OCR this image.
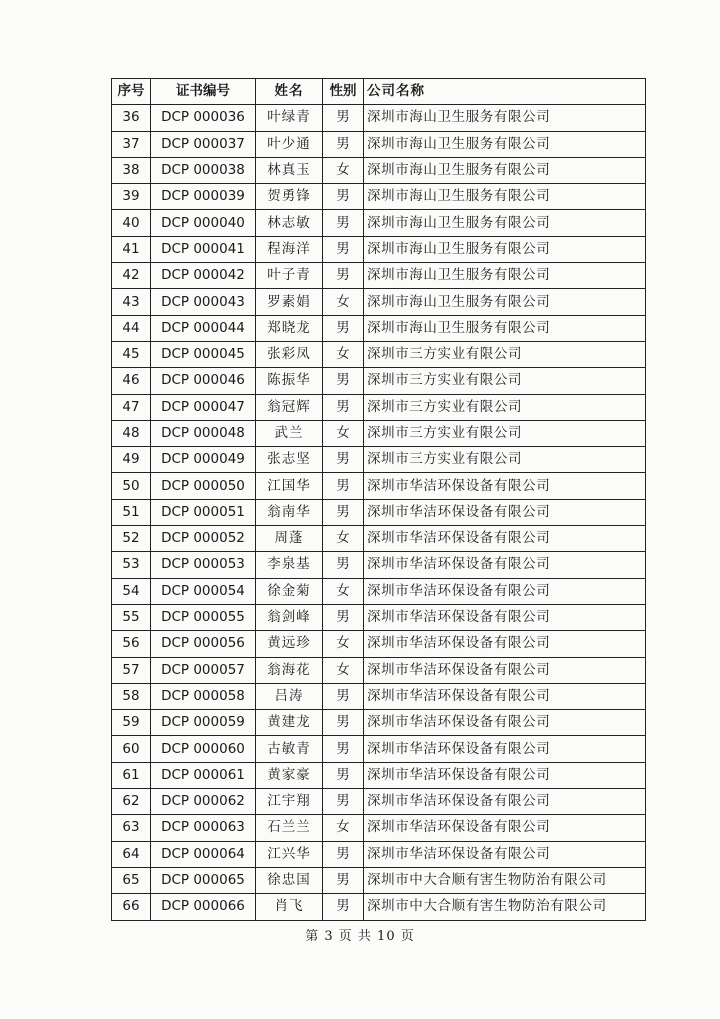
序号	证书编号	姓名	性别	公司名称
36	DCP 000036	叶绿青	男	深圳市海山卫生服务有限公司
37	DCP 000037	叶少通	男	深圳市海山卫生服务有限公司
38	DCP 000038	林真玉	女	深圳市海山卫生服务有限公司
39	DCP 000039	贺勇锋	男	深圳市海山卫生服务有限公司
40	DCP 000040	林志敏	男	深圳市海山卫生服务有限公司
41	DCP 000041	程海洋	男	深圳市海山卫生服务有限公司
42	DCP 000042	叶子青	男	深圳市海山卫生服务有限公司
43	DCP 000043	罗素娟	女	深圳市海山卫生服务有限公司
44	DCP 000044	郑晓龙	男	深圳市海山卫生服务有限公司
45	DCP 000045	张彩凤	女	深圳市三方实业有限公司
46	DCP 000046	陈振华	男	深圳市三方实业有限公司
47	DCP 000047	翁冠辉	男	深圳市三方实业有限公司
48	DCP 000048	武兰	女	深圳市三方实业有限公司
49	DCP 000049	张志坚	男	深圳市三方实业有限公司
50	DCP 000050	江国华	男	深圳市华洁环保设备有限公司
51	DCP 000051	翁南华	男	深圳市华洁环保设备有限公司
52	DCP 000052	周蓬	女	深圳市华洁环保设备有限公司
53	DCP 000053	李泉基	男	深圳市华洁环保设备有限公司
54	DCP 000054	徐金菊	女	深圳市华洁环保设备有限公司
55	DCP 000055	翁剑峰	男	深圳市华洁环保设备有限公司
56	DCP 000056	黄远珍	女	深圳市华洁环保设备有限公司
57	DCP 000057	翁海花	女	深圳市华洁环保设备有限公司
58	DCP 000058	吕涛	男	深圳市华洁环保设备有限公司
59	DCP 000059	黄建龙	男	深圳市华洁环保设备有限公司
60	DCP 000060	古敏青	男	深圳市华洁环保设备有限公司
61	DCP 000061	黄家豪	男	深圳市华洁环保设备有限公司
62	DCP 000062	江宇翔	男	深圳市华洁环保设备有限公司
63	DCP 000063	石兰兰	女	深圳市华洁环保设备有限公司
64	DCP 000064	江兴华	男	深圳市华洁环保设备有限公司
65	DCP 000065	徐忠国	男	深圳市中大合顺有害生物防治有限公司
66	DCP 000066	肖飞	男	深圳市中大合顺有害生物防治有限公司
第 3 页 共 10 页
